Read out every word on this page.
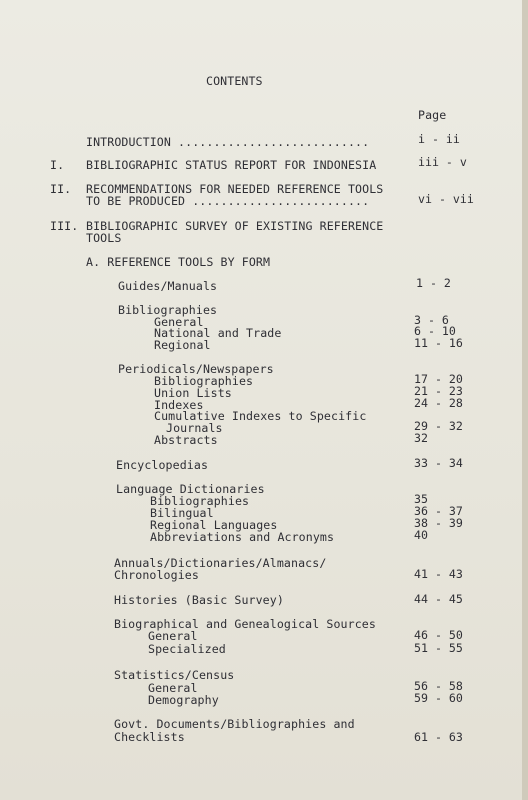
CONTENTS
Page
INTRODUCTION ...........................	i - ii
I. BIBLIOGRAPHIC STATUS REPORT FOR INDONESIA	iii - v
II. RECOMMENDATIONS FOR NEEDED REFERENCE TOOLS
TO BE PRODUCED .........................	vi - vii
III. BIBLIOGRAPHIC SURVEY OF EXISTING REFERENCE
TOOLS
A. REFERENCE TOOLS BY FORM
Guides/Manuals	1 - 2
Bibliographies
General	3 - 6
National and Trade	6 - 10
Regional	11 - 16
Periodicals/Newspapers
Bibliographies	17 - 20
Union Lists	21 - 23
Indexes	24 - 28
Cumulative Indexes to Specific
Journals	29 - 32
Abstracts	32
Encyclopedias	33 - 34
Language Dictionaries
Bibliographies	35
Bilingual	36 - 37
Regional Languages	38 - 39
Abbreviations and Acronyms	40
Annuals/Dictionaries/Almanacs/
Chronologies	41 - 43
Histories (Basic Survey)	44 - 45
Biographical and Genealogical Sources
General	46 - 50
Specialized	51 - 55
Statistics/Census
General	56 - 58
Demography	59 - 60
Govt. Documents/Bibliographies and
Checklists	61 - 63
